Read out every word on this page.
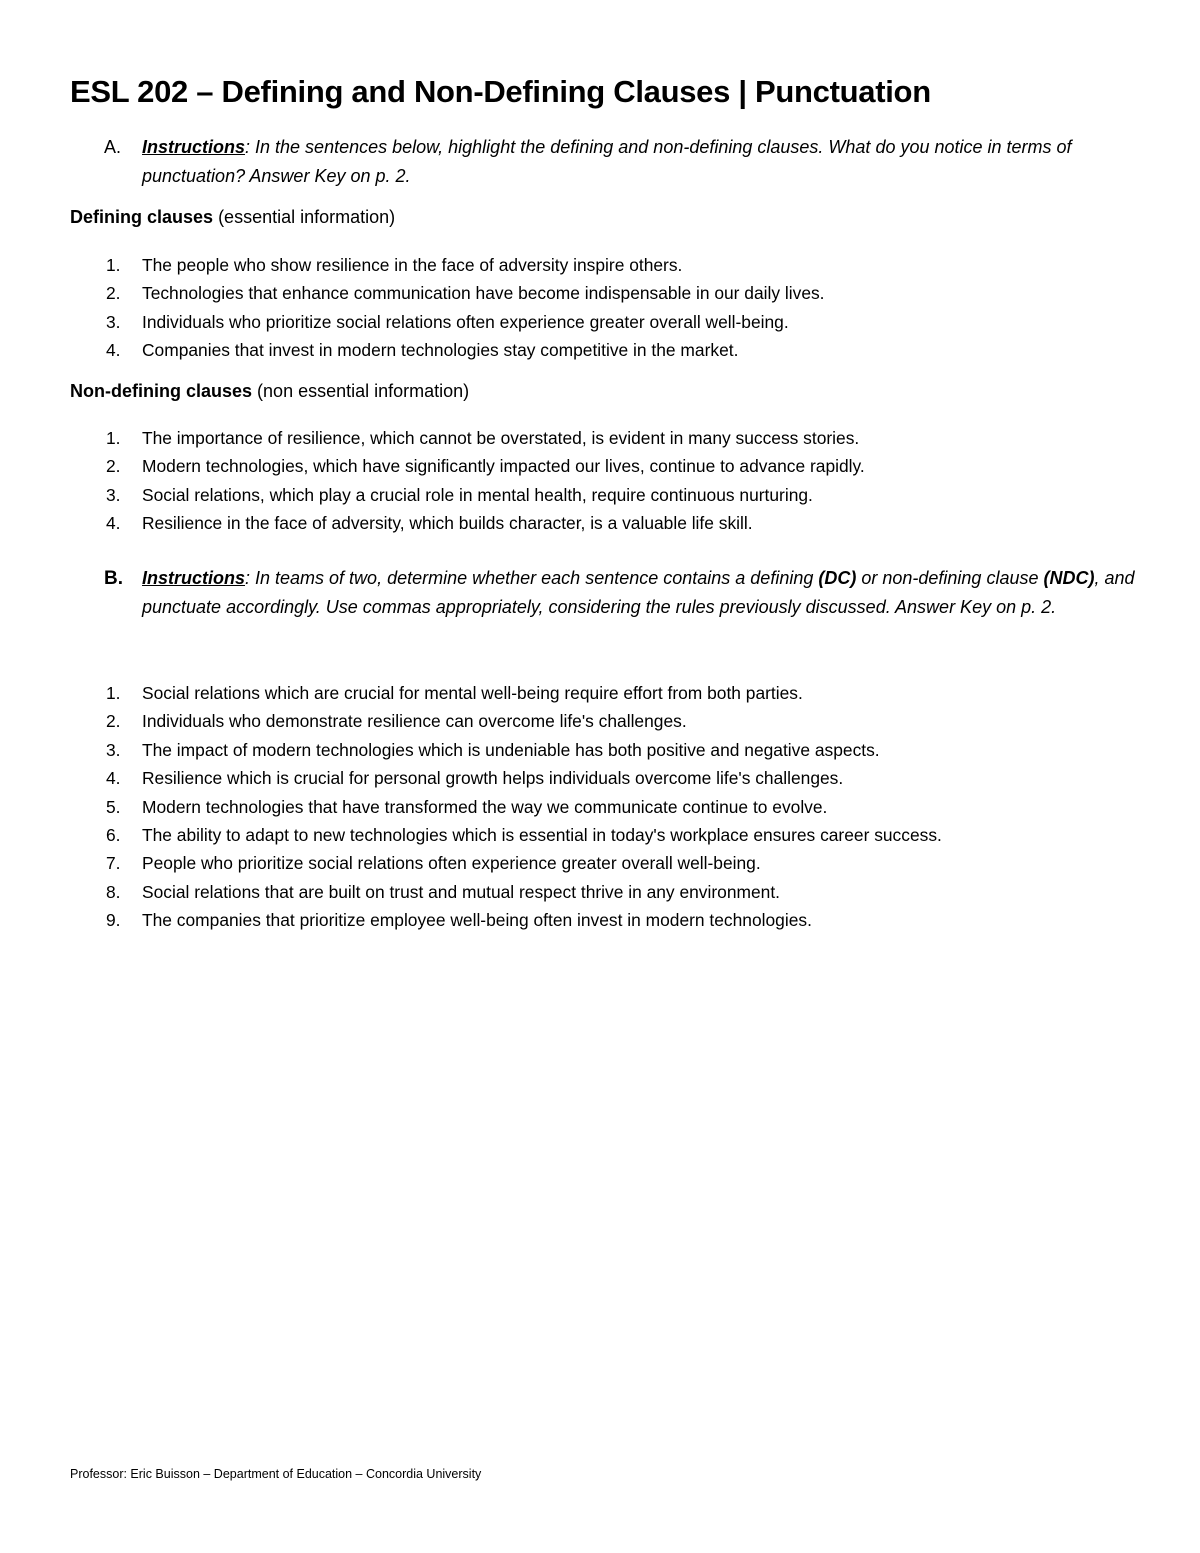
ESL 202 – Defining and Non-Defining Clauses | Punctuation
A. Instructions: In the sentences below, highlight the defining and non-defining clauses. What do you notice in terms of punctuation? Answer Key on p. 2.

Defining clauses (essential information)

1. The people who show resilience in the face of adversity inspire others.
2. Technologies that enhance communication have become indispensable in our daily lives.
3. Individuals who prioritize social relations often experience greater overall well-being.
4. Companies that invest in modern technologies stay competitive in the market.

Non-defining clauses (non essential information)

1. The importance of resilience, which cannot be overstated, is evident in many success stories.
2. Modern technologies, which have significantly impacted our lives, continue to advance rapidly.
3. Social relations, which play a crucial role in mental health, require continuous nurturing.
4. Resilience in the face of adversity, which builds character, is a valuable life skill.
B. Instructions: In teams of two, determine whether each sentence contains a defining (DC) or non-defining clause (NDC), and punctuate accordingly. Use commas appropriately, considering the rules previously discussed. Answer Key on p. 2.
1. Social relations which are crucial for mental well-being require effort from both parties.
2. Individuals who demonstrate resilience can overcome life's challenges.
3. The impact of modern technologies which is undeniable has both positive and negative aspects.
4. Resilience which is crucial for personal growth helps individuals overcome life's challenges.
5. Modern technologies that have transformed the way we communicate continue to evolve.
6. The ability to adapt to new technologies which is essential in today's workplace ensures career success.
7. People who prioritize social relations often experience greater overall well-being.
8. Social relations that are built on trust and mutual respect thrive in any environment.
9. The companies that prioritize employee well-being often invest in modern technologies.

Professor: Eric Buisson – Department of Education – Concordia University
